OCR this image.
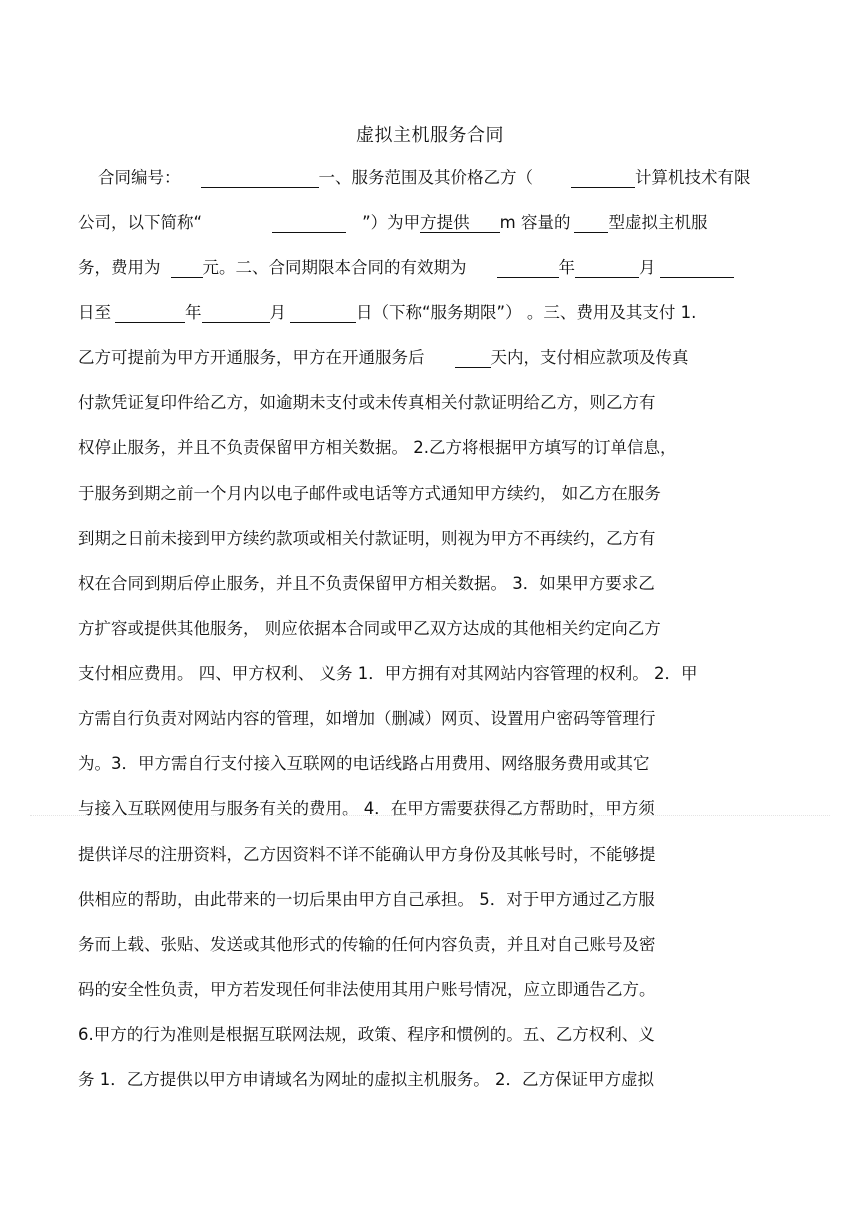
虚拟主机服务合同
合同编号：	一、服务范围及其价格乙方（	计算机技术有限
公司，以下简称“	”）为甲方提供 m 容量的 型虚拟主机服
务，费用为	元。二、合同期限本合同的有效期为	年	月
日至	年	月	日（下称“服务期限”） 。三、费用及其支付 1.
乙方可提前为甲方开通服务，甲方在开通服务后	天内，支付相应款项及传真
付款凭证复印件给乙方，如逾期未支付或未传真相关付款证明给乙方，则乙方有
权停止服务，并且不负责保留甲方相关数据。 2.乙方将根据甲方填写的订单信息，
于服务到期之前一个月内以电子邮件或电话等方式通知甲方续约， 如乙方在服务
到期之日前未接到甲方续约款项或相关付款证明，则视为甲方不再续约，乙方有
权在合同到期后停止服务，并且不负责保留甲方相关数据。 3．如果甲方要求乙
方扩容或提供其他服务， 则应依据本合同或甲乙双方达成的其他相关约定向乙方
支付相应费用。 四、甲方权利、 义务 1．甲方拥有对其网站内容管理的权利。 2．甲
方需自行负责对网站内容的管理，如增加（删减）网页、设置用户密码等管理行
为。3．甲方需自行支付接入互联网的电话线路占用费用、网络服务费用或其它
与接入互联网使用与服务有关的费用。 4．在甲方需要获得乙方帮助时，甲方须
提供详尽的注册资料，乙方因资料不详不能确认甲方身份及其帐号时，不能够提
供相应的帮助，由此带来的一切后果由甲方自己承担。 5．对于甲方通过乙方服
务而上载、张贴、发送或其他形式的传输的任何内容负责，并且对自己账号及密
码的安全性负责，甲方若发现任何非法使用其用户账号情况，应立即通告乙方。
6.甲方的行为准则是根据互联网法规，政策、程序和惯例的。五、乙方权利、义
务 1．乙方提供以甲方申请域名为网址的虚拟主机服务。 2．乙方保证甲方虚拟
